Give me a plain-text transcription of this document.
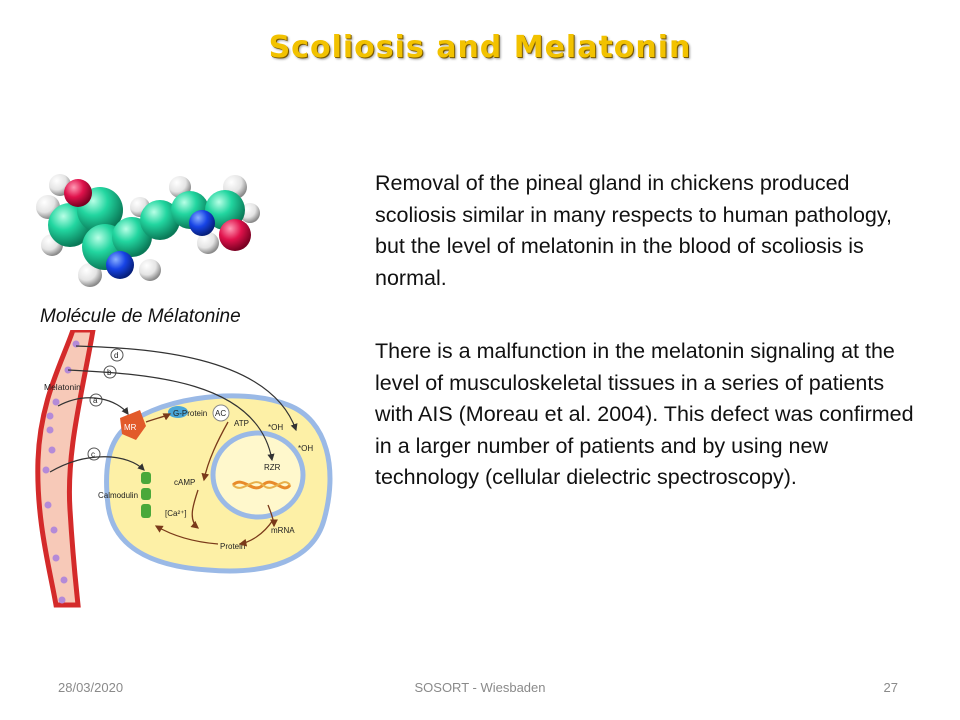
Scoliosis and Melatonin
Molécule de Mélatonine
MR
G-Protein AC
Melatonin
ATP
cAMP
Calmodulin
[Ca²⁺]
Protein
mRNA
RZR
*OH
*OH
d
b
a
c
Removal of the pineal gland in chickens produced scoliosis similar in many respects to human pathology, but the level of melatonin in the blood of scoliosis is normal.
There is a malfunction in the melatonin signaling at the level of musculoskeletal tissues in a series of patients with AIS (Moreau et al. 2004). This defect was confirmed in a larger number of patients and by using new technology (cellular dielectric spectroscopy).
28/03/2020	SOSORT - Wiesbaden	27
